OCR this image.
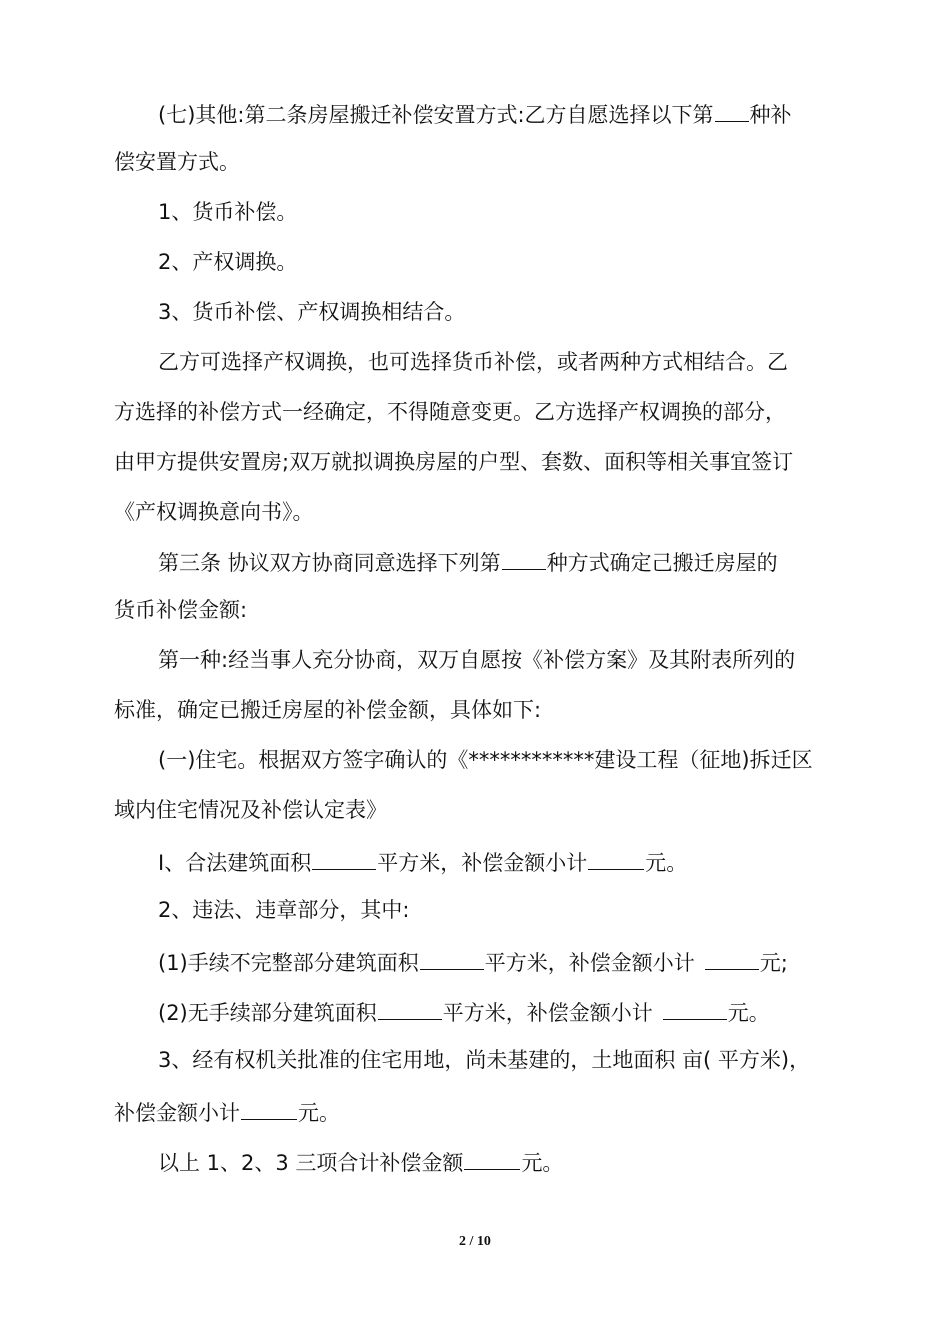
(七)其他:第二条房屋搬迁补偿安置方式:乙方自愿选择以下第 种补
偿安置方式。
1、货币补偿。
2、产权调换。
3、货币补偿、产权调换相结合。
乙方可选择产权调换，也可选择货币补偿，或者两种方式相结合。乙
方选择的补偿方式一经确定，不得随意变更。乙方选择产权调换的部分，
由甲方提供安置房;双万就拟调换房屋的户型、套数、面积等相关事宜签订
《产权调换意向书》。
第三条 协议双方协商同意选择下列第 种方式确定己搬迁房屋的
货币补偿金额:
第一种:经当事人充分协商，双万自愿按《补偿方案》及其附表所列的
标准，确定已搬迁房屋的补偿金额，具体如下:
(一)住宅。根据双方签字确认的《************建设工程（征地)拆迁区
域内住宅情况及补偿认定表》
I、合法建筑面积	平方米，补偿金额小计	元。
2、违法、违章部分，其中:
(1)手续不完整部分建筑面积	平方米，补偿金额小计	元;
(2)无手续部分建筑面积	平方米，补偿金额小计	元。
3、经有权机关批准的住宅用地，尚未基建的，土地面积 亩( 平方米)，
补偿金额小计	元。
以上 1、2、3 三项合计补偿金额	元。
2 / 10
